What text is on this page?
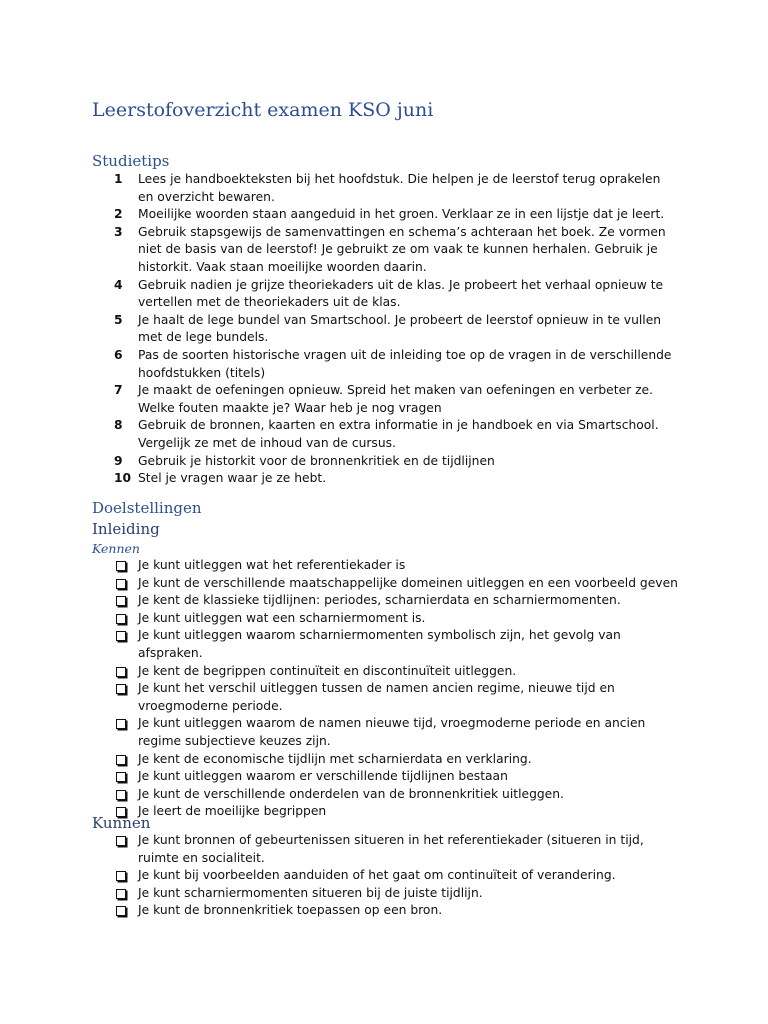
Leerstofoverzicht examen KSO juni
Studietips
1	Lees je handboekteksten bij het hoofdstuk. Die helpen je de leerstof terug oprakelen en overzicht bewaren.
2	Moeilijke woorden staan aangeduid in het groen. Verklaar ze in een lijstje dat je leert.
3	Gebruik stapsgewijs de samenvattingen en schema’s achteraan het boek. Ze vormen niet de basis van de leerstof! Je gebruikt ze om vaak te kunnen herhalen. Gebruik je historkit. Vaak staan moeilijke woorden daarin.
4	Gebruik nadien je grijze theoriekaders uit de klas. Je probeert het verhaal opnieuw te vertellen met de theoriekaders uit de klas.
5	Je haalt de lege bundel van Smartschool. Je probeert de leerstof opnieuw in te vullen met de lege bundels.
6	Pas de soorten historische vragen uit de inleiding toe op de vragen in de verschillende hoofdstukken (titels)
7	Je maakt de oefeningen opnieuw. Spreid het maken van oefeningen en verbeter ze. Welke fouten maakte je? Waar heb je nog vragen
8	Gebruik de bronnen, kaarten en extra informatie in je handboek en via Smartschool. Vergelijk ze met de inhoud van de cursus.
9	Gebruik je historkit voor de bronnenkritiek en de tijdlijnen
10 Stel je vragen waar je ze hebt.
Doelstellingen
Inleiding
Kennen
Je kunt uitleggen wat het referentiekader is
Je kunt de verschillende maatschappelijke domeinen uitleggen en een voorbeeld geven
Je kent de klassieke tijdlijnen: periodes, scharnierdata en scharniermomenten.
Je kunt uitleggen wat een scharniermoment is.
Je kunt uitleggen waarom scharniermomenten symbolisch zijn, het gevolg van afspraken.
Je kent de begrippen continuïteit en discontinuïteit uitleggen.
Je kunt het verschil uitleggen tussen de namen ancien regime, nieuwe tijd en vroegmoderne periode.
Je kunt uitleggen waarom de namen nieuwe tijd, vroegmoderne periode en ancien regime subjectieve keuzes zijn.
Je kent de economische tijdlijn met scharnierdata en verklaring.
Je kunt uitleggen waarom er verschillende tijdlijnen bestaan
Je kunt de verschillende onderdelen van de bronnenkritiek uitleggen.
Je leert de moeilijke begrippen
Kunnen
Je kunt bronnen of gebeurtenissen situeren in het referentiekader (situeren in tijd, ruimte en socialiteit.
Je kunt bij voorbeelden aanduiden of het gaat om continuïteit of verandering.
Je kunt scharniermomenten situeren bij de juiste tijdlijn.
Je kunt de bronnenkritiek toepassen op een bron.
